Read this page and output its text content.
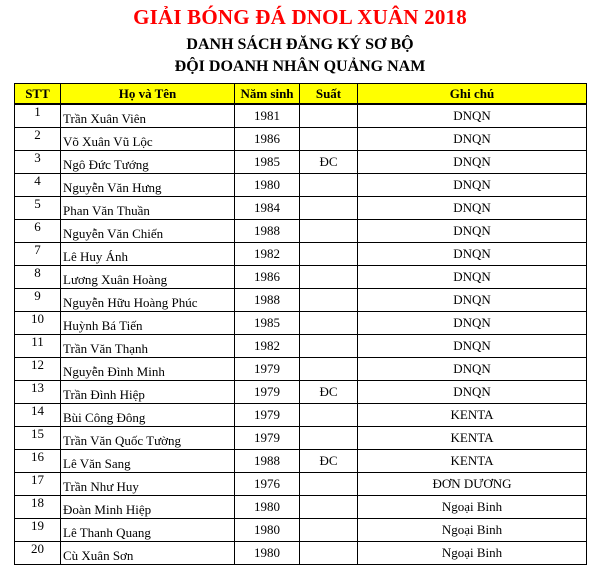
GIẢI BÓNG ĐÁ DNOL XUÂN 2018
DANH SÁCH ĐĂNG KÝ SƠ BỘ
ĐỘI DOANH NHÂN QUẢNG NAM
STT	Họ và Tên	Năm sinh	Suất	Ghi chú
1	Trần Xuân Viên	1981		DNQN
2	Võ Xuân Vũ Lộc	1986		DNQN
3	Ngô Đức Tướng	1985	ĐC	DNQN
4	Nguyễn Văn Hưng	1980		DNQN
5	Phan Văn Thuần	1984		DNQN
6	Nguyễn Văn Chiến	1988		DNQN
7	Lê Huy Ánh	1982		DNQN
8	Lương Xuân Hoàng	1986		DNQN
9	Nguyễn Hữu Hoàng Phúc	1988		DNQN
10	Huỳnh Bá Tiến	1985		DNQN
11	Trần Văn Thạnh	1982		DNQN
12	Nguyễn Đình Minh	1979		DNQN
13	Trần Đình Hiệp	1979	ĐC	DNQN
14	Bùi Công Đông	1979		KENTA
15	Trần Văn Quốc Tường	1979		KENTA
16	Lê Văn Sang	1988	ĐC	KENTA
17	Trần Như Huy	1976		ĐƠN DƯƠNG
18	Đoàn Minh Hiệp	1980		Ngoại Binh
19	Lê Thanh Quang	1980		Ngoại Binh
20	Cù Xuân Sơn	1980		Ngoại Binh
